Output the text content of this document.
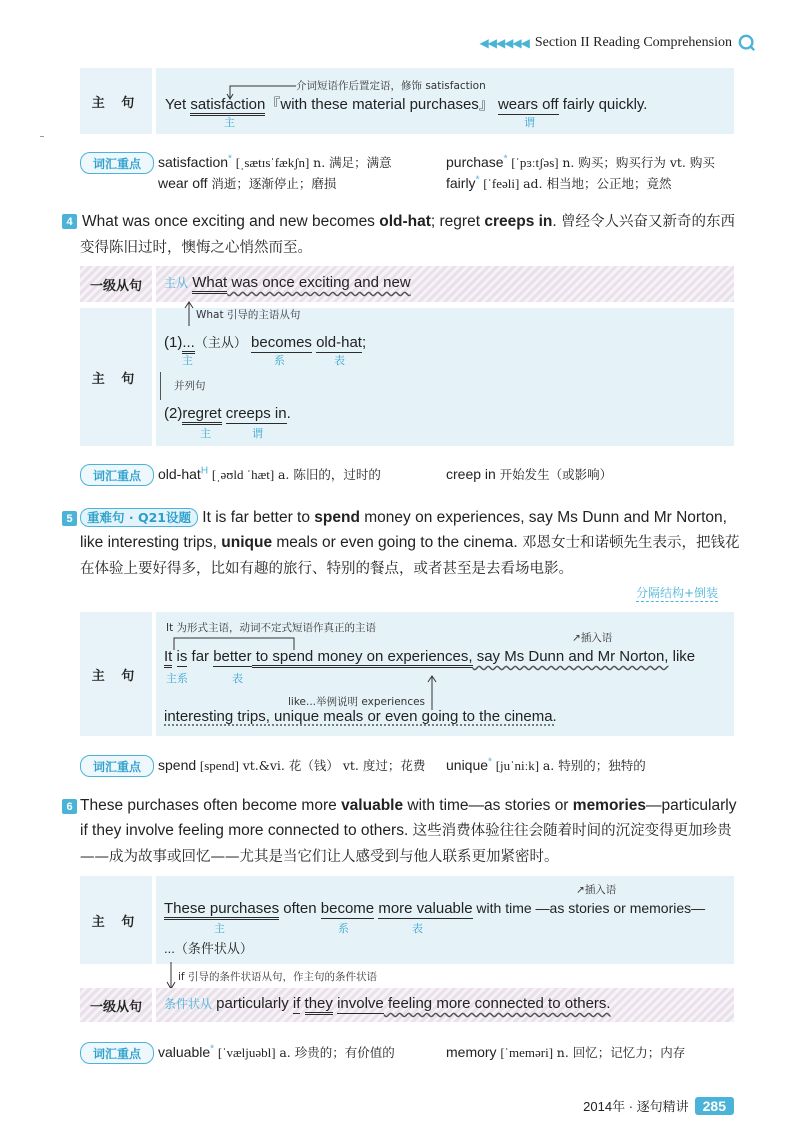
◀◀◀◀◀◀ Section II Reading Comprehension
主 句
介词短语作后置定语，修饰 satisfaction
Yet satisfaction『with these material purchases』 wears off fairly quickly.
主	谓
词汇重点	satisfaction* [ˌsætɪsˈfækʃn] n. 满足；满意	purchase* [ˈpɜːtʃəs] n. 购买；购买行为 vt. 购买
wear off 消逝；逐渐停止；磨损	fairly* [ˈfeəli] ad. 相当地；公正地；竟然
4 What was once exciting and new becomes old-hat; regret creeps in. 曾经令人兴奋又新奇的东西变得陈旧过时，懊悔之心悄然而至。
一级从句	主从 What was once exciting and new
主 句
What 引导的主语从句
(1)...（主从） becomes old-hat;
主	系	表
并列句
(2)regret creeps in.
主	谓
词汇重点	old-hat$^H$ [ˌəʊld ˈhæt] a. 陈旧的，过时的	creep in 开始发生（或影响）
5	重难句 · Q21设题 It is far better to spend money on experiences, say Ms Dunn and Mr Norton, like interesting trips, unique meals or even going to the cinema. 邓恩女士和诺顿先生表示，把钱花在体验上要好得多，比如有趣的旅行、特别的餐点，或者甚至是去看场电影。
分隔结构+倒装
主 句
It 为形式主语，动词不定式短语作真正的主语
↗插入语
It is far better to spend money on experiences, say Ms Dunn and Mr Norton, like
主系	表
like...举例说明 experiences
interesting trips, unique meals or even going to the cinema.
词汇重点	spend [spend] vt.&vi. 花（钱） vt. 度过；花费 unique* [juˈniːk] a. 特别的；独特的
6 These purchases often become more valuable with time—as stories or memories—particularly if they involve feeling more connected to others. 这些消费体验往往会随着时间的沉淀变得更加珍贵——成为故事或回忆——尤其是当它们让人感受到与他人联系更加紧密时。
主 句
↗插入语
These purchases often become more valuable with time —as stories or memories—
主	系	表
...（条件状从）
if 引导的条件状语从句，作主句的条件状语
一级从句	条件状从 particularly if they involve feeling more connected to others.
词汇重点	valuable* [ˈvæljuəbl] a. 珍贵的；有价值的	memory [ˈmeməri] n. 回忆；记忆力；内存
2014年 · 逐句精讲	285
